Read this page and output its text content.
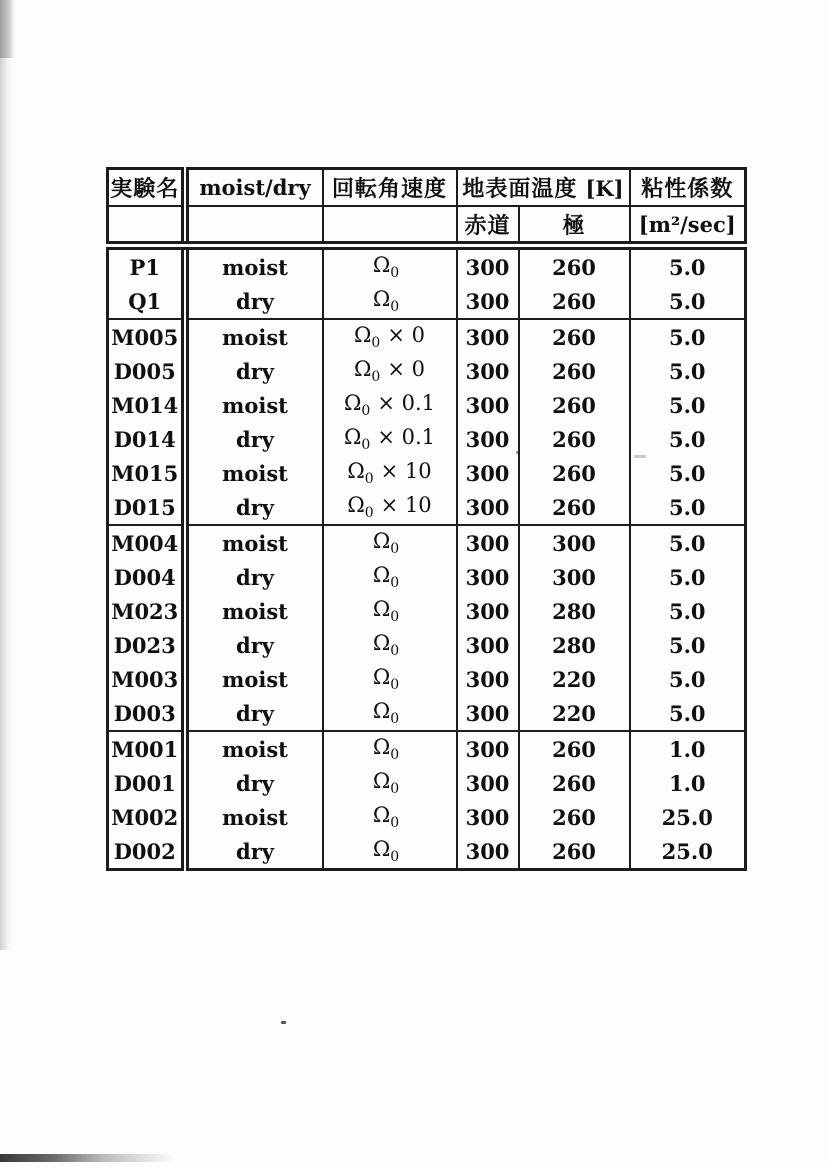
実験名	moist/dry	回転角速度	地表面温度 [K]		粘性係数
			赤道	極	[m²/sec]
P1	moist	$\Omega_0$	300	260	5.0
Q1	dry	$\Omega_0$	300	260	5.0
M005	moist	$\Omega_0 \times 0$	300	260	5.0
D005	dry	$\Omega_0 \times 0$	300	260	5.0
M014	moist	$\Omega_0 \times 0.1$	300	260	5.0
D014	dry	$\Omega_0 \times 0.1$	300	260	5.0
M015	moist	$\Omega_0 \times 10$	300	260	5.0
D015	dry	$\Omega_0 \times 10$	300	260	5.0
M004	moist	$\Omega_0$	300	300	5.0
D004	dry	$\Omega_0$	300	300	5.0
M023	moist	$\Omega_0$	300	280	5.0
D023	dry	$\Omega_0$	300	280	5.0
M003	moist	$\Omega_0$	300	220	5.0
D003	dry	$\Omega_0$	300	220	5.0
M001	moist	$\Omega_0$	300	260	1.0
D001	dry	$\Omega_0$	300	260	1.0
M002	moist	$\Omega_0$	300	260	25.0
D002	dry	$\Omega_0$	300	260	25.0
